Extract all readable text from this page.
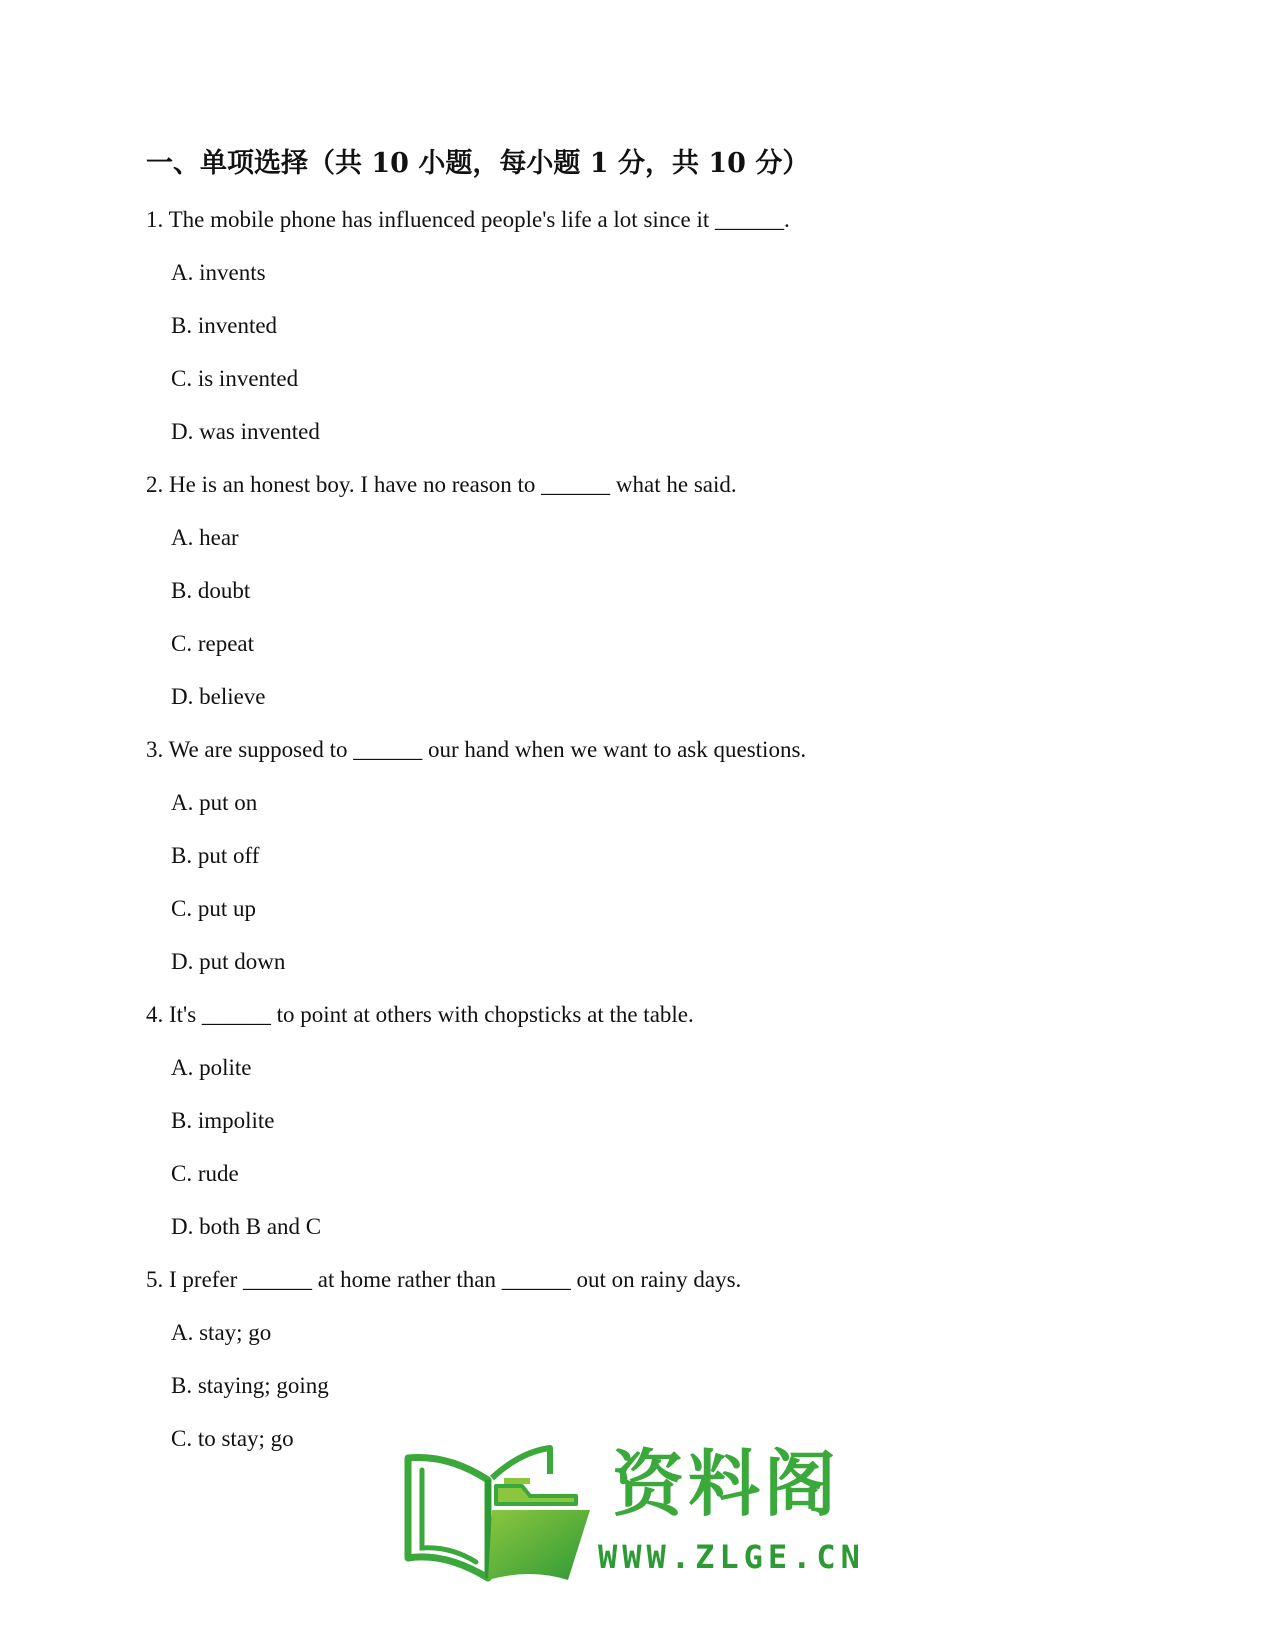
一、单项选择（共 10 小题，每小题 1 分，共 10 分）
1. The mobile phone has influenced people's life a lot since it ______.
A. invents
B. invented
C. is invented
D. was invented
2. He is an honest boy. I have no reason to ______ what he said.
A. hear
B. doubt
C. repeat
D. believe
3. We are supposed to ______ our hand when we want to ask questions.
A. put on
B. put off
C. put up
D. put down
4. It's ______ to point at others with chopsticks at the table.
A. polite
B. impolite
C. rude
D. both B and C
5. I prefer ______ at home rather than ______ out on rainy days.
A. stay; go
B. staying; going
C. to stay; go
资料阁
WWW.ZLGE.CN
